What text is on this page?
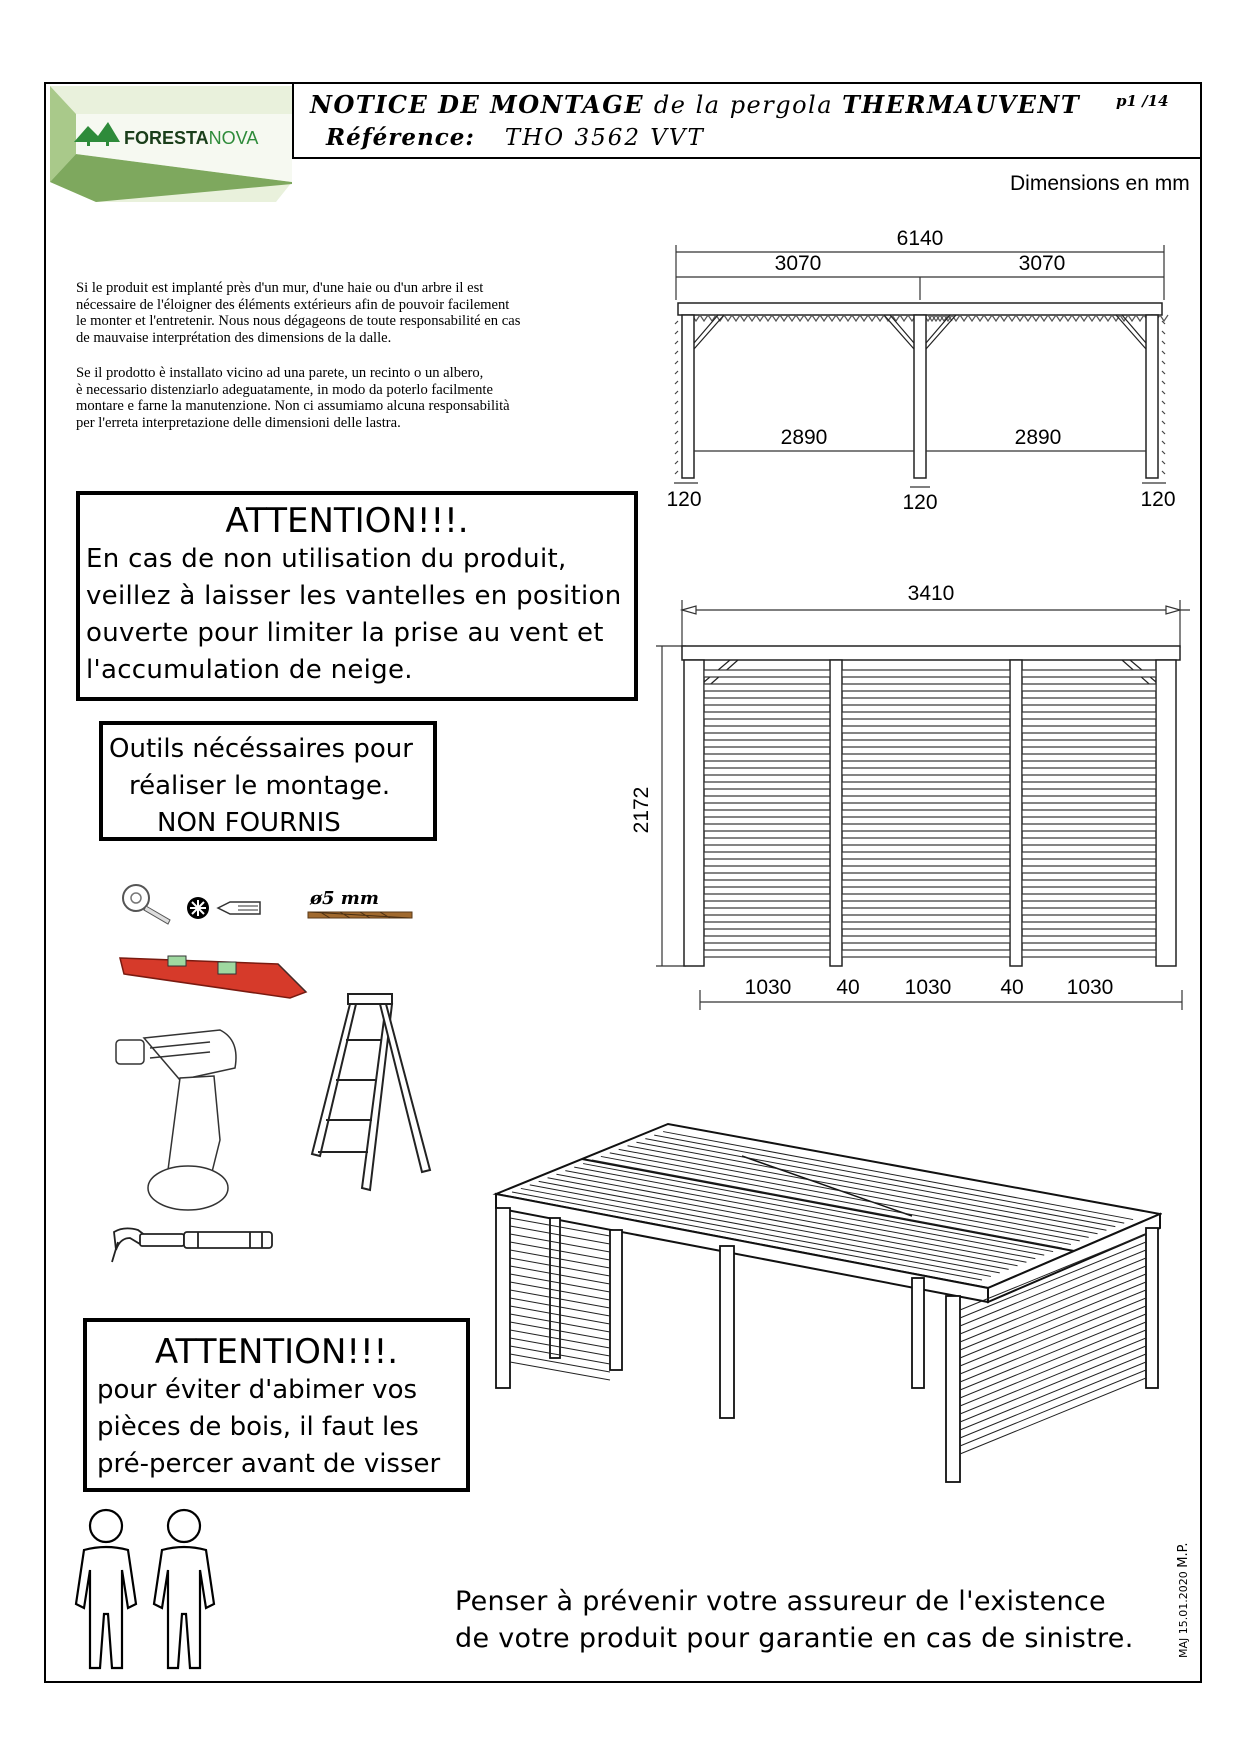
FORESTANOVA
NOTICE DE MONTAGE de la pergola THERMAUVENT p1 /14
Référence: THO 3562 VVT
Dimensions en mm
Si le produit est implanté près d'un mur, d'une haie ou d'un arbre il est
nécessaire de l'éloigner des éléments extérieurs afin de pouvoir facilement
le monter et l'entretenir. Nous nous dégageons de toute responsabilité en cas
de mauvaise interprétation des dimensions de la dalle.
Se il prodotto è installato vicino ad una parete, un recinto o un albero,
è necessario distenziarlo adeguatamente, in modo da poterlo facilmente
montare e farne la manutenzione. Non ci assumiamo alcuna responsabilità
per l'erreta interpretazione delle dimensioni delle lastra.
ATTENTION!!!.
En cas de non utilisation du produit,
veillez à laisser les vantelles en position
ouverte pour limiter la prise au vent et
l'accumulation de neige.
Outils nécéssaires pour
réaliser le montage.
NON FOURNIS
ø5 mm
ATTENTION!!!.
pour éviter d'abimer vos
pièces de bois, il faut les
pré-percer avant de visser
6140
3070	3070
2890	2890
120	120	120
3410
2172
1030 40 1030 40 1030
Penser à prévenir votre assureur de l'existence
de votre produit pour garantie en cas de sinistre.	MAJ 15.01.2020 M.P.
